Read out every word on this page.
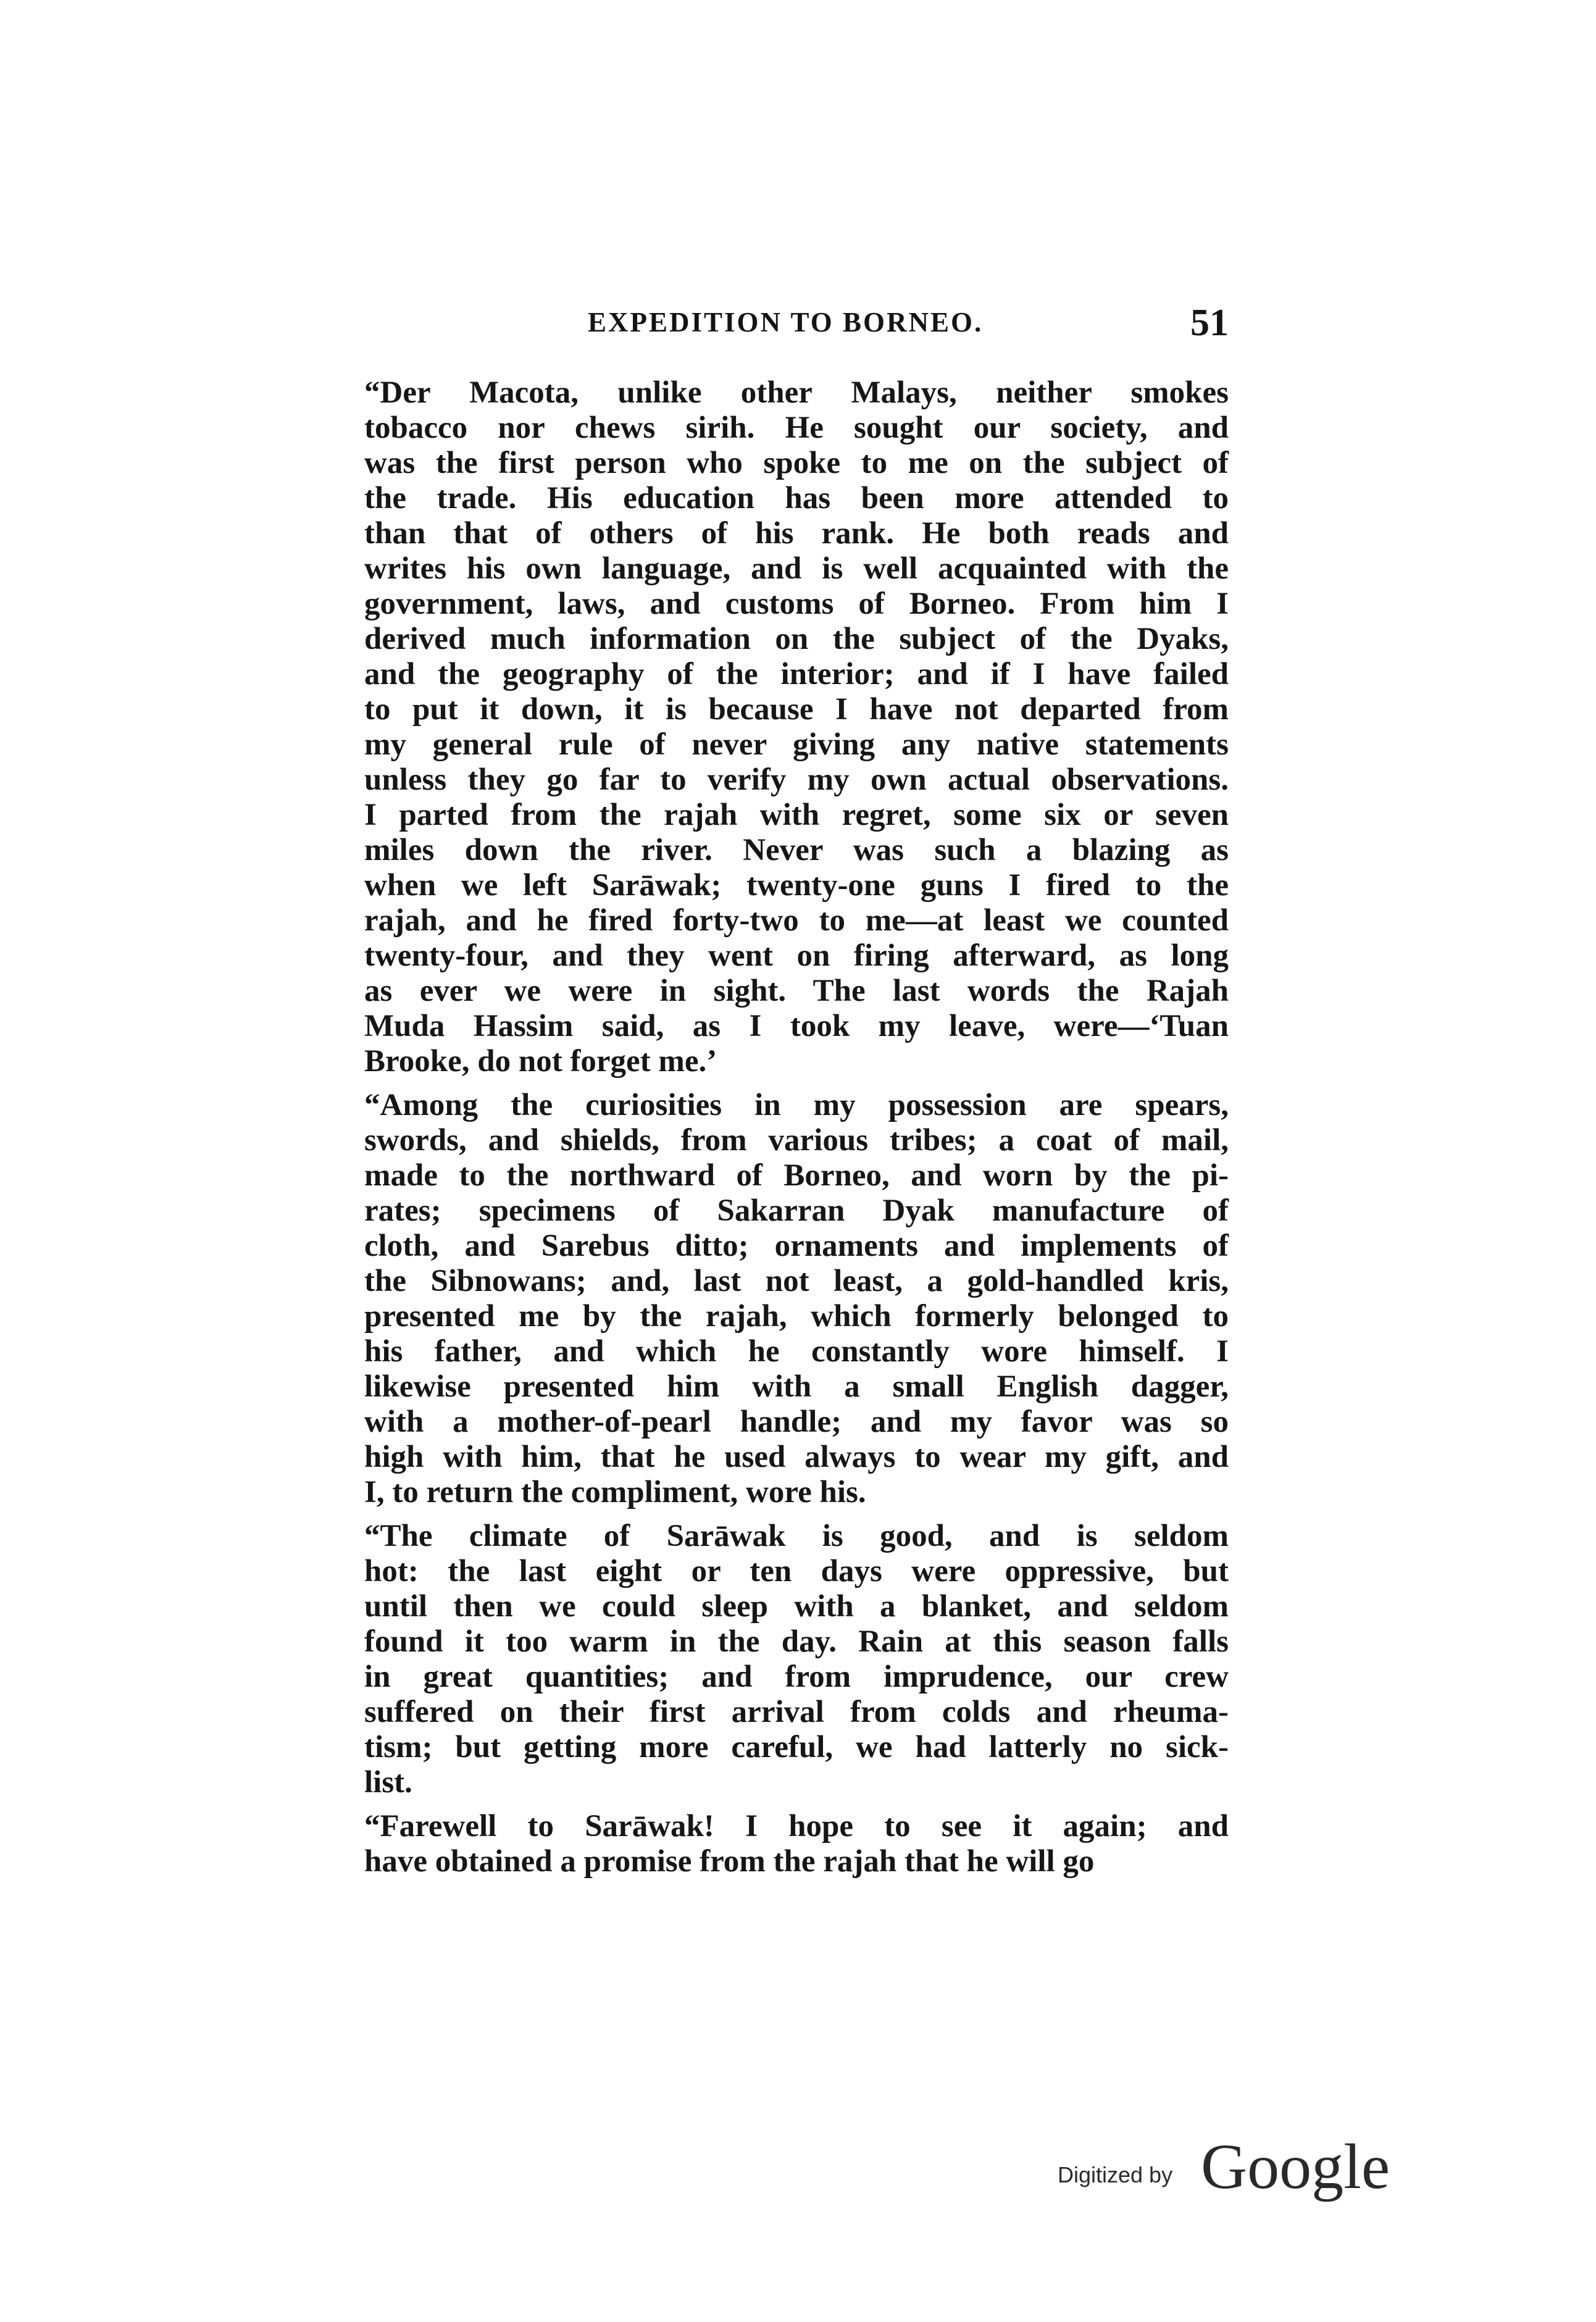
EXPEDITION TO BORNEO.	51
“Der Macota, unlike other Malays, neither smokes
tobacco nor chews sirih. He sought our society, and
was the first person who spoke to me on the subject of
the trade. His education has been more attended to
than that of others of his rank. He both reads and
writes his own language, and is well acquainted with the
government, laws, and customs of Borneo. From him I
derived much information on the subject of the Dyaks,
and the geography of the interior; and if I have failed
to put it down, it is because I have not departed from
my general rule of never giving any native statements
unless they go far to verify my own actual observations.
I parted from the rajah with regret, some six or seven
miles down the river. Never was such a blazing as
when we left Sarāwak; twenty-one guns I fired to the
rajah, and he fired forty-two to me—at least we counted
twenty-four, and they went on firing afterward, as long
as ever we were in sight. The last words the Rajah
Muda Hassim said, as I took my leave, were—‘Tuan
Brooke, do not forget me.’
“Among the curiosities in my possession are spears,
swords, and shields, from various tribes; a coat of mail,
made to the northward of Borneo, and worn by the pi-
rates; specimens of Sakarran Dyak manufacture of
cloth, and Sarebus ditto; ornaments and implements of
the Sibnowans; and, last not least, a gold-handled kris,
presented me by the rajah, which formerly belonged to
his father, and which he constantly wore himself. I
likewise presented him with a small English dagger,
with a mother-of-pearl handle; and my favor was so
high with him, that he used always to wear my gift, and
I, to return the compliment, wore his.
“The climate of Sarāwak is good, and is seldom
hot: the last eight or ten days were oppressive, but
until then we could sleep with a blanket, and seldom
found it too warm in the day. Rain at this season falls
in great quantities; and from imprudence, our crew
suffered on their first arrival from colds and rheuma-
tism; but getting more careful, we had latterly no sick-
list.
“Farewell to Sarāwak! I hope to see it again; and
have obtained a promise from the rajah that he will go
Digitized by Google
